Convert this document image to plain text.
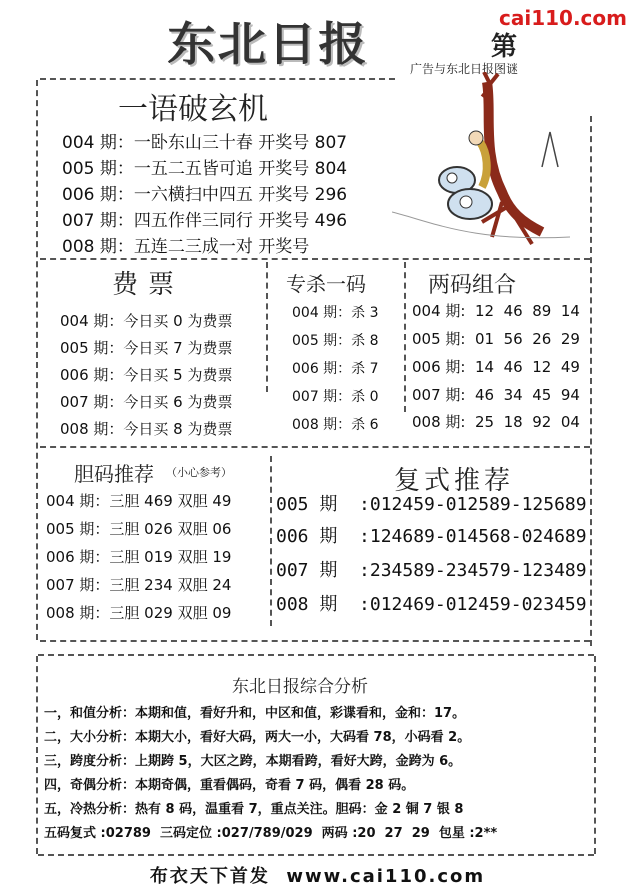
cai110.com
东北日报	第
广告与东北日报图谜
一语破玄机
004 期：一卧东山三十春 开奖号 807
005 期：一五二五皆可追 开奖号 804
006 期：一六横扫中四五 开奖号 296
007 期：四五作伴三同行 开奖号 496
008 期：五连二三成一对 开奖号
费票
004 期：今日买 0 为费票
005 期：今日买 7 为费票
006 期：今日买 5 为费票
007 期：今日买 6 为费票
008 期：今日买 8 为费票
专杀一码
004 期：杀 3
005 期：杀 8
006 期：杀 7
007 期：杀 0
008 期：杀 6
两码组合
004 期:  12  46  89  14
005 期:  01  56  26  29
006 期:  14  46  12  49
007 期:  46  34  45  94
008 期:  25  18  92  04
胆码推荐 （小心参考）
004 期：三胆 469 双胆 49
005 期：三胆 026 双胆 06
006 期：三胆 019 双胆 19
007 期：三胆 234 双胆 24
008 期：三胆 029 双胆 09
复式推荐
005 期  :012459-012589-125689
006 期  :124689-014568-024689
007 期  :234589-234579-123489
008 期  :012469-012459-023459
东北日报综合分析
一，和值分析：本期和值，看好升和，中区和值，彩谍看和，金和：17。
二，大小分析：本期大小，看好大码，两大一小，大码看 78，小码看 2。
三，跨度分析：上期跨 5，大区之跨，本期看跨，看好大跨，金跨为 6。
四，奇偶分析：本期奇偶，重看偶码，奇看 7 码，偶看 28 码。
五，冷热分析：热有 8 码，温重看 7，重点关注。胆码：金 2 铜 7 银 8
五码复式 :02789  三码定位 :027/789/029  两码 :20  27  29  包星 :2**
布衣天下首发  www.cai110.com
